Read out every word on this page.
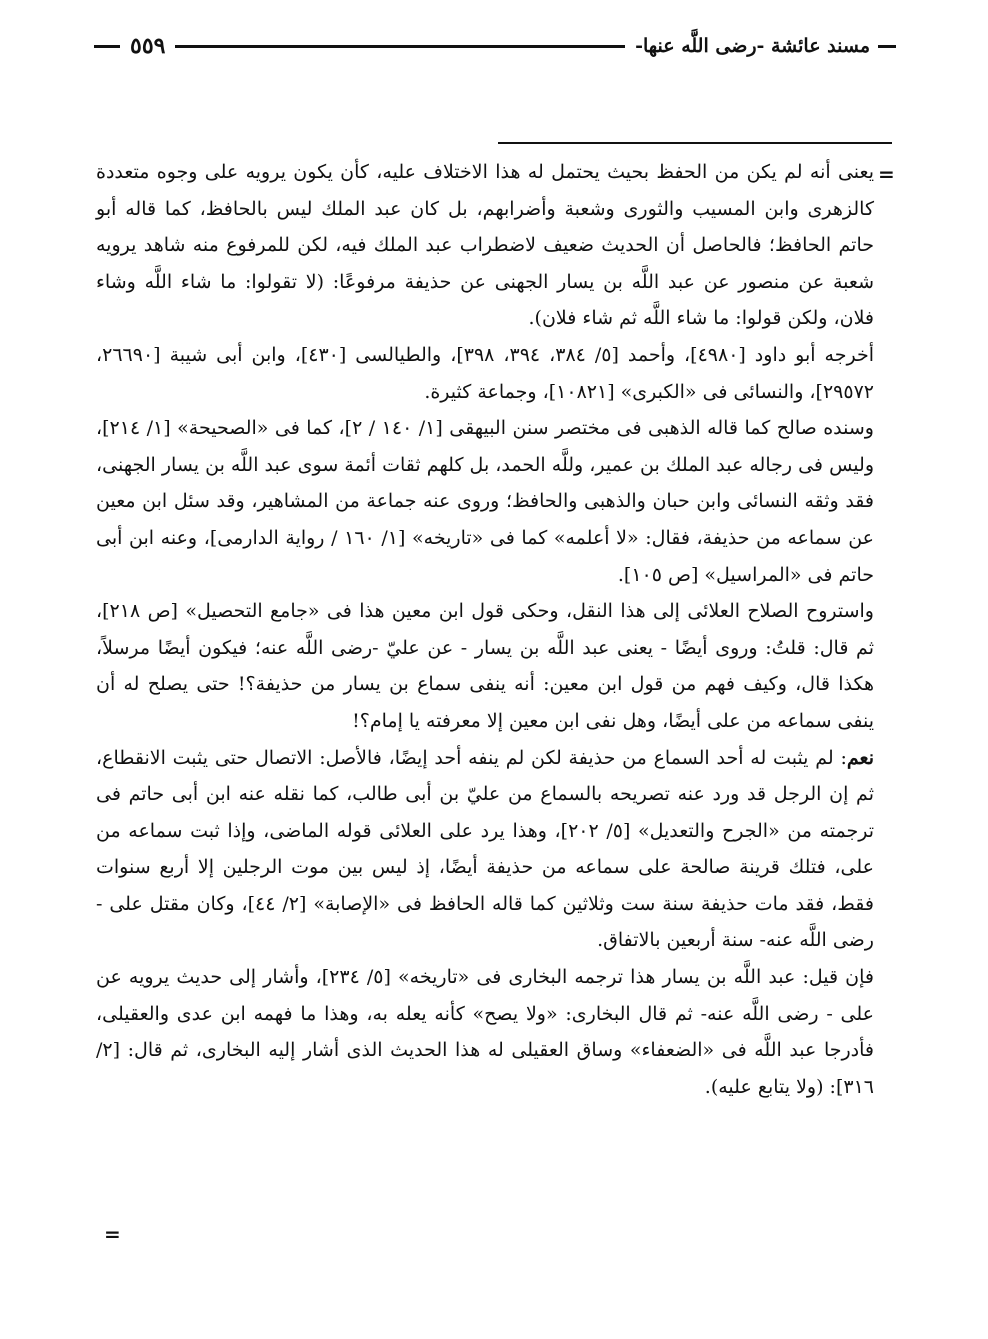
مسند عائشة -رضى اللَّه عنها-
٥٥٩
=

يعنى أنه لم يكن من الحفظ بحيث يحتمل له هذا الاختلاف عليه، كأن يكون يرويه على وجوه متعددة كالزهرى وابن المسيب والثورى وشعبة وأضرابهم، بل كان عبد الملك ليس بالحافظ، كما قاله أبو حاتم الحافظ؛ فالحاصل أن الحديث ضعيف لاضطراب عبد الملك فيه، لكن للمرفوع منه شاهد يرويه شعبة عن منصور عن عبد اللَّه بن يسار الجهنى عن حذيفة مرفوعًا: (لا تقولوا: ما شاء اللَّه وشاء فلان، ولكن قولوا: ما شاء اللَّه ثم شاء فلان).

أخرجه أبو داود [٤٩٨٠]، وأحمد [٥/ ٣٨٤، ٣٩٤، ٣٩٨]، والطيالسى [٤٣٠]، وابن أبى شيبة [٢٦٦٩٠، ٢٩٥٧٢]، والنسائى فى «الكبرى» [١٠٨٢١]، وجماعة كثيرة.

وسنده صالح كما قاله الذهبى فى مختصر سنن البيهقى [١/ ١٤٠ / ٢]، كما فى «الصحيحة» [١/ ٢١٤]، وليس فى رجاله عبد الملك بن عمير، وللَّه الحمد، بل كلهم ثقات أئمة سوى عبد اللَّه بن يسار الجهنى، فقد وثقه النسائى وابن حبان والذهبى والحافظ؛ وروى عنه جماعة من المشاهير، وقد سئل ابن معين عن سماعه من حذيفة، فقال: «لا أعلمه» كما فى «تاريخه» [١/ ١٦٠ / رواية الدارمى]، وعنه ابن أبى حاتم فى «المراسيل» [ص ١٠٥].

واستروح الصلاح العلائى إلى هذا النقل، وحكى قول ابن معين هذا فى «جامع التحصيل» [ص ٢١٨]، ثم قال: قلتُ: وروى أيضًا - يعنى عبد اللَّه بن يسار - عن عليّ -رضى اللَّه عنه؛ فيكون أيضًا مرسلاً، هكذا قال، وكيف فهم من قول ابن معين: أنه ينفى سماع بن يسار من حذيفة؟! حتى يصلح له أن ينفى سماعه من على أيضًا، وهل نفى ابن معين إلا معرفته يا إمام؟!

نعم: لم يثبت له أحد السماع من حذيفة لكن لم ينفه أحد إيضًا، فالأصل: الاتصال حتى يثبت الانقطاع، ثم إن الرجل قد ورد عنه تصريحه بالسماع من عليّ بن أبى طالب، كما نقله عنه ابن أبى حاتم فى ترجمته من «الجرح والتعديل» [٥/ ٢٠٢]، وهذا يرد على العلائى قوله الماضى، وإذا ثبت سماعه من على، فتلك قرينة صالحة على سماعه من حذيفة أيضًا، إذ ليس بين موت الرجلين إلا أربع سنوات فقط، فقد مات حذيفة سنة ست وثلاثين كما قاله الحافظ فى «الإصابة» [٢/ ٤٤]، وكان مقتل على - رضى اللَّه عنه- سنة أربعين بالاتفاق.

فإن قيل: عبد اللَّه بن يسار هذا ترجمه البخارى فى «تاريخه» [٥/ ٢٣٤]، وأشار إلى حديث يرويه عن على - رضى اللَّه عنه- ثم قال البخارى: «ولا يصح» كأنه يعله به، وهذا ما فهمه ابن عدى والعقيلى، فأدرجا عبد اللَّه فى «الضعفاء» وساق العقيلى له هذا الحديث الذى أشار إليه البخارى، ثم قال: [٢/ ٣١٦]: (ولا يتابع عليه).

=
